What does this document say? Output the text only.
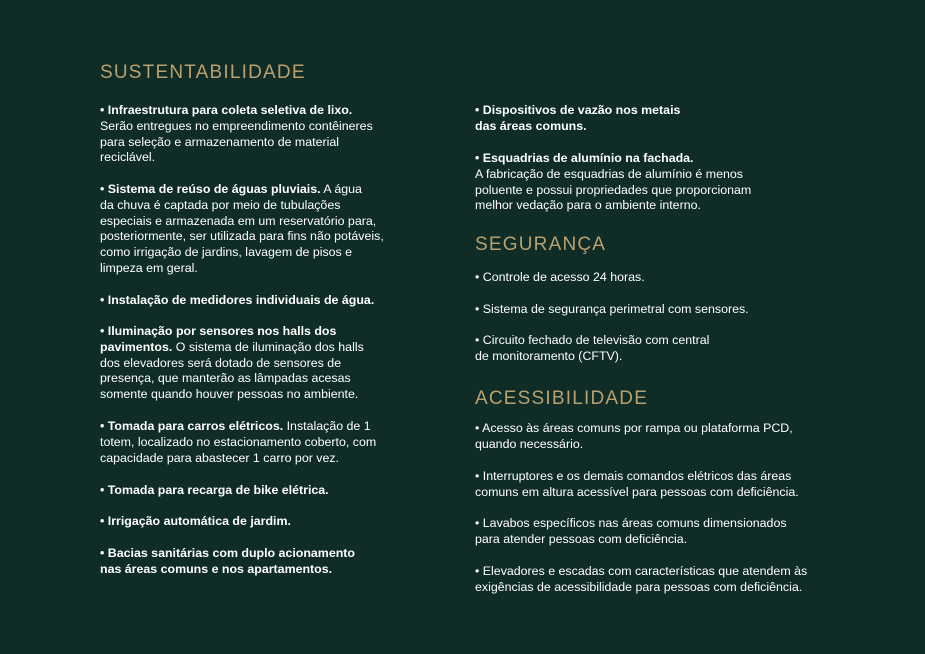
SUSTENTABILIDADE

• Infraestrutura para coleta seletiva de lixo.
Serão entregues no empreendimento contêineres
para seleção e armazenamento de material
reciclável.

• Sistema de reúso de águas pluviais. A água
da chuva é captada por meio de tubulações
especiais e armazenada em um reservatório para,
posteriormente, ser utilizada para fins não potáveis,
como irrigação de jardins, lavagem de pisos e
limpeza em geral.

• Instalação de medidores individuais de água.

• Iluminação por sensores nos halls dos
pavimentos. O sistema de iluminação dos halls
dos elevadores será dotado de sensores de
presença, que manterão as lâmpadas acesas
somente quando houver pessoas no ambiente.

• Tomada para carros elétricos. Instalação de 1
totem, localizado no estacionamento coberto, com
capacidade para abastecer 1 carro por vez.

• Tomada para recarga de bike elétrica.

• Irrigação automática de jardim.

• Bacias sanitárias com duplo acionamento
nas áreas comuns e nos apartamentos.

• Dispositivos de vazão nos metais
das áreas comuns.

• Esquadrias de alumínio na fachada.
A fabricação de esquadrias de alumínio é menos
poluente e possui propriedades que proporcionam
melhor vedação para o ambiente interno.

SEGURANÇA

• Controle de acesso 24 horas.

• Sistema de segurança perimetral com sensores.

• Circuito fechado de televisão com central
de monitoramento (CFTV).

ACESSIBILIDADE

• Acesso às áreas comuns por rampa ou plataforma PCD,
quando necessário.

• Interruptores e os demais comandos elétricos das áreas
comuns em altura acessível para pessoas com deficiência.

• Lavabos específicos nas áreas comuns dimensionados
para atender pessoas com deficiência.

• Elevadores e escadas com características que atendem às
exigências de acessibilidade para pessoas com deficiência.
